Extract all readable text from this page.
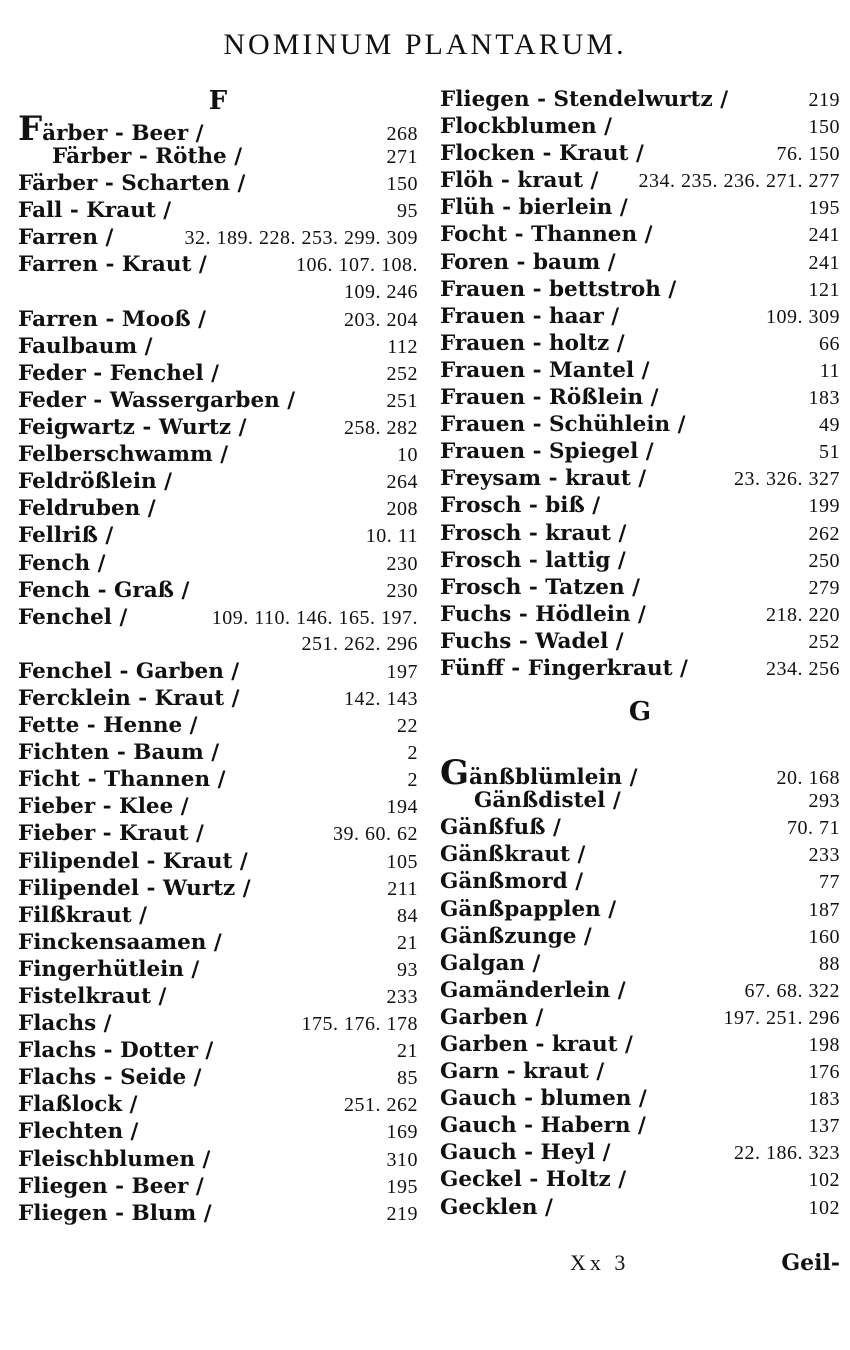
NOMINUM PLANTARUM.
F
Färber - Beer /	268
Färber - Röthe /	271
Färber - Scharten /	150
Fall - Kraut /	95
Farren /	32. 189. 228. 253. 299. 309
Farren - Kraut /	106. 107. 108.
109. 246
Farren - Mooß /	203. 204
Faulbaum /	112
Feder - Fenchel /	252
Feder - Wassergarben /	251
Feigwartz - Wurtz /	258. 282
Felberschwamm /	10
Feldrößlein /	264
Feldruben /	208
Fellriß /	10. 11
Fench /	230
Fench - Graß /	230
Fenchel /	109. 110. 146. 165. 197.
251. 262. 296
Fenchel - Garben /	197
Fercklein - Kraut /	142. 143
Fette - Henne /	22
Fichten - Baum /	2
Ficht - Thannen /	2
Fieber - Klee /	194
Fieber - Kraut /	39. 60. 62
Filipendel - Kraut /	105
Filipendel - Wurtz /	211
Filßkraut /	84
Finckensaamen /	21
Fingerhütlein /	93
Fistelkraut /	233
Flachs /	175. 176. 178
Flachs - Dotter /	21
Flachs - Seide /	85
Flaßlock /	251. 262
Flechten /	169
Fleischblumen /	310
Fliegen - Beer /	195
Fliegen - Blum /	219
Fliegen - Stendelwurtz /	219
Flockblumen /	150
Flocken - Kraut /	76. 150
Flöh - kraut / 234. 235. 236. 271. 277
Flüh - bierlein /	195
Focht - Thannen /	241
Foren - baum /	241
Frauen - bettstroh /	121
Frauen - haar /	109. 309
Frauen - holtz /	66
Frauen - Mantel /	11
Frauen - Rößlein /	183
Frauen - Schühlein /	49
Frauen - Spiegel /	51
Freysam - kraut /	23. 326. 327
Frosch - biß /	199
Frosch - kraut /	262
Frosch - lattig /	250
Frosch - Tatzen /	279
Fuchs - Hödlein /	218. 220
Fuchs - Wadel /	252
Fünff - Fingerkraut /	234. 256
G
Gänßblümlein /	20. 168
Gänßdistel /	293
Gänßfuß /	70. 71
Gänßkraut /	233
Gänßmord /	77
Gänßpapplen /	187
Gänßzunge /	160
Galgan /	88
Gamänderlein /	67. 68. 322
Garben /	197. 251. 296
Garben - kraut /	198
Garn - kraut /	176
Gauch - blumen /	183
Gauch - Habern /	137
Gauch - Heyl /	22. 186. 323
Geckel - Holtz /	102
Gecklen /	102
Xx 3	Geil-
